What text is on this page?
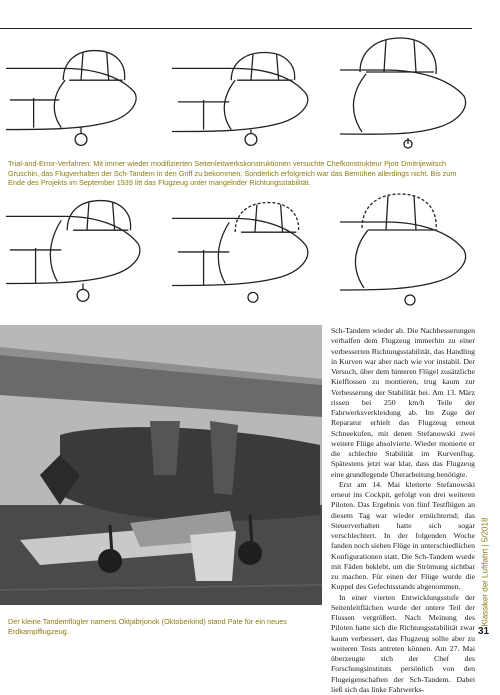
Trial-and-Error-Verfahren: Mit immer wieder modifizierten Seitenleitwerkskonstruktionen versuchte Chefkonstrukteur Pjotr Dmitrijewitsch Gruschin, das Flugverhalten der Sch-Tandem in den Griff zu bekommen. Sonderlich erfolgreich war das Bemühen allerdings nicht. Bis zum Ende des Projekts im September 1939 litt das Flugzeug unter mangelnder Richtungsstabilität.

Der kleine Tandemflügler namens Oktjabrjonok (Oktoberkind) stand Pate für ein neues Erdkampfflugzeug.

Sch-Tandem wieder ab. Die Nachbesserungen verhalfen dem Flugzeug immerhin zu einer verbesserten Richtungsstabilität, das Handling in Kurven war aber nach wie vor instabil. Der Versuch, über dem hinteren Flügel zusätzliche Kielflossen zu montieren, trug kaum zur Verbesserung der Stabilität bei. Am 13. März rissen bei 250 km/h Teile der Fahrwerksverkleidung ab. Im Zuge der Reparatur erhielt das Flugzeug erneut Schneekufen, mit denen Stefanowski zwei weitere Flüge absolvierte. Wieder monierte er die schlechte Stabilität im Kurvenflug. Spätestens jetzt war klar, dass das Flugzeug eine grundlegende Überarbeitung benötigte.

Erst am 14. Mai kletterte Stefanowski erneut ins Cockpit, gefolgt von drei weiteren Piloten. Das Ergebnis von fünf Testflügen an diesem Tag war wieder ernüchternd; das Steuerverhalten hatte sich sogar verschlechtert. In der folgenden Woche fanden noch sieben Flüge in unterschiedlichen Konfigurationen statt. Die Sch-Tandem wurde mit Fäden beklebt, um die Strömung sichtbar zu machen. Für einen der Flüge wurde die Kuppel des Gefechtsstands abgenommen.

In einer vierten Entwicklungsstufe der Seitenleitflächen wurde der untere Teil der Flossen vergrößert. Nach Meinung des Piloten hatte sich die Richtungsstabilität zwar kaum verbessert, das Flugzeug sollte aber zu weiteren Tests antreten können. Am 27. Mai überzeugte sich der Chef des Forschungsinstituts persönlich von den Flugeigenschaften der Sch-Tandem. Dabei ließ sich das linke Fahrwerks-

Klassiker der Luftfahrt | 5/2018
31
